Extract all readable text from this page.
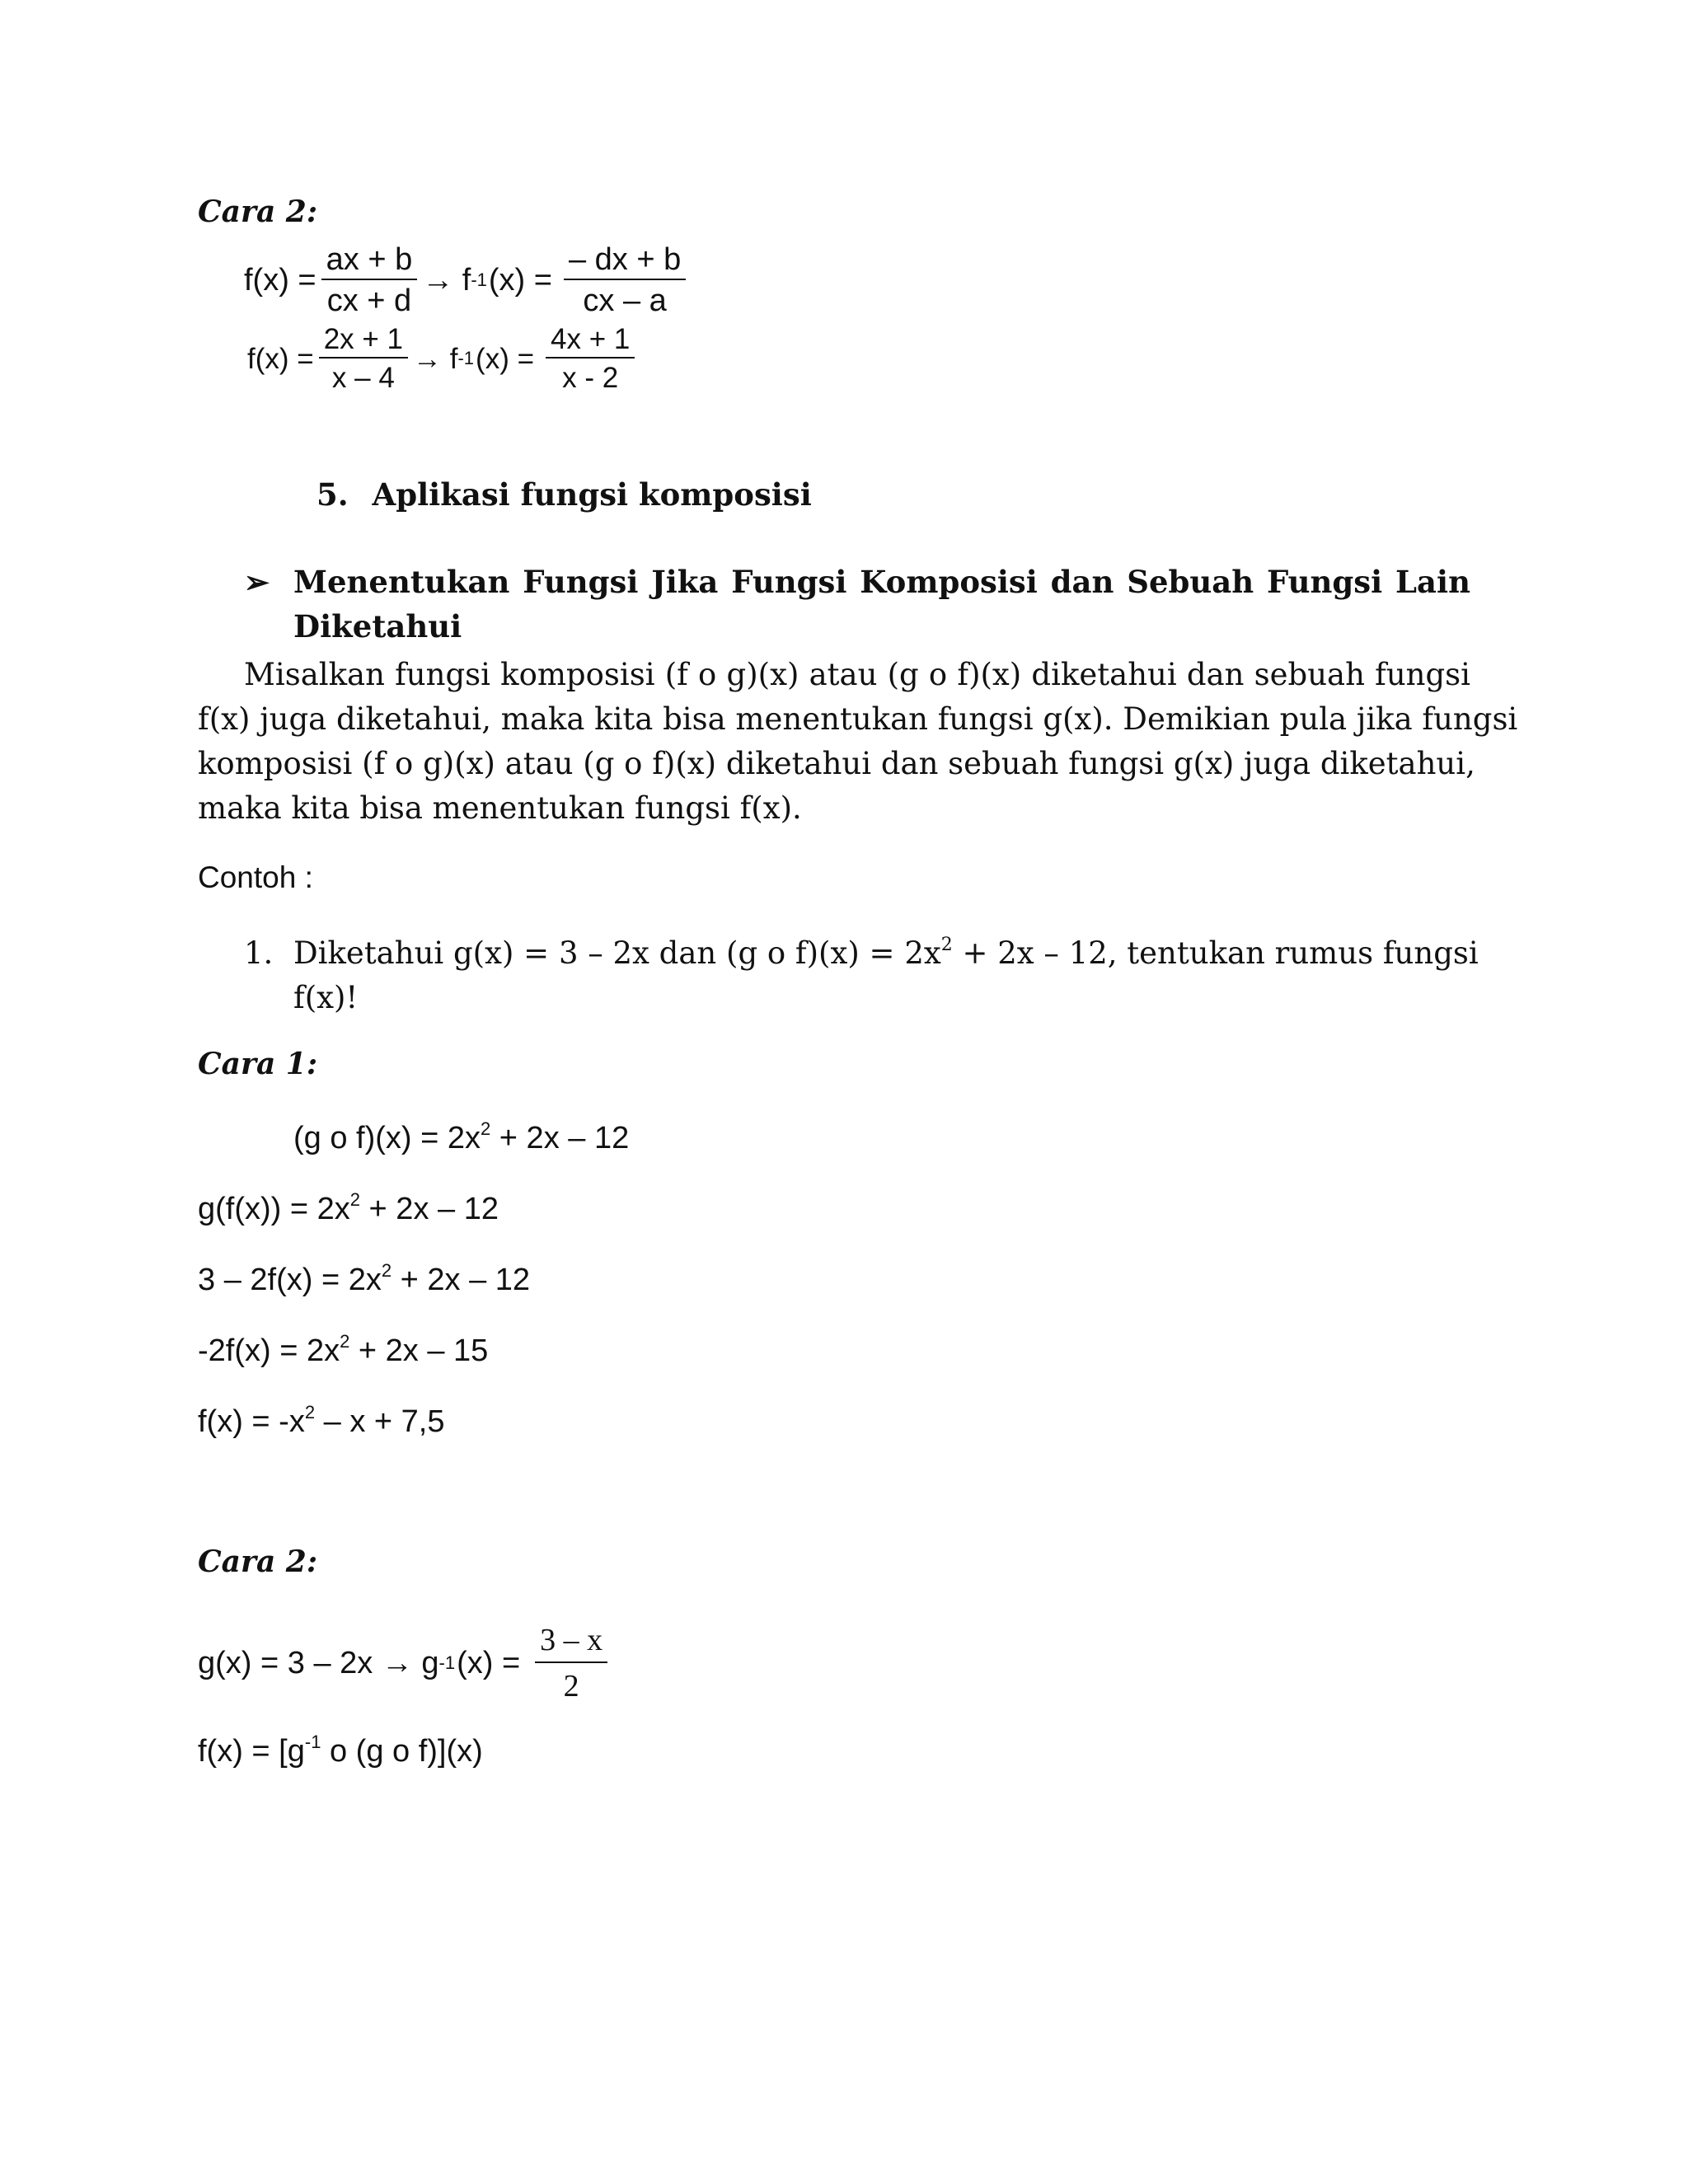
Cara 2:
$f(x) = \frac{ax + b}{cx + d} \to f$ -1 $(x) = \frac{- dx + b}{cx - a}$
$f(x) = \frac{2x + 1}{x - 4} \to f$ -1 $(x) = \frac{4x + 1}{x - 2}$
5. Aplikasi fungsi komposisi
➢ Menentukan Fungsi Jika Fungsi Komposisi dan Sebuah Fungsi Lain
Diketahui
Misalkan fungsi komposisi (f o g)(x) atau (g o f)(x) diketahui dan sebuah fungsi
f(x) juga diketahui, maka kita bisa menentukan fungsi g(x). Demikian pula jika fungsi
komposisi (f o g)(x) atau (g o f)(x) diketahui dan sebuah fungsi g(x) juga diketahui,
maka kita bisa menentukan fungsi f(x).
Contoh :
1. Diketahui g(x) = 3 – 2x dan (g o $f)(x) = 2x^2 + 2x - 12$, tentukan rumus fungsi
f(x)!
Cara 1:
(g o $f)(x) = 2x^2 + 2x - 12$
$g(f(x)) = 2x^2 + 2x - 12$
$3 - 2f(x) = 2x^2 + 2x - 12$
$-2f(x) = 2x^2 + 2x - 15$
$f(x) = -x^2 - x + 7,5$
Cara 2:
g(x) = 3 – 2x → g -1 $(x) = \frac{3 - x}{2}$
$f(x) = [g^{-1}$ o (g o f)](x)
